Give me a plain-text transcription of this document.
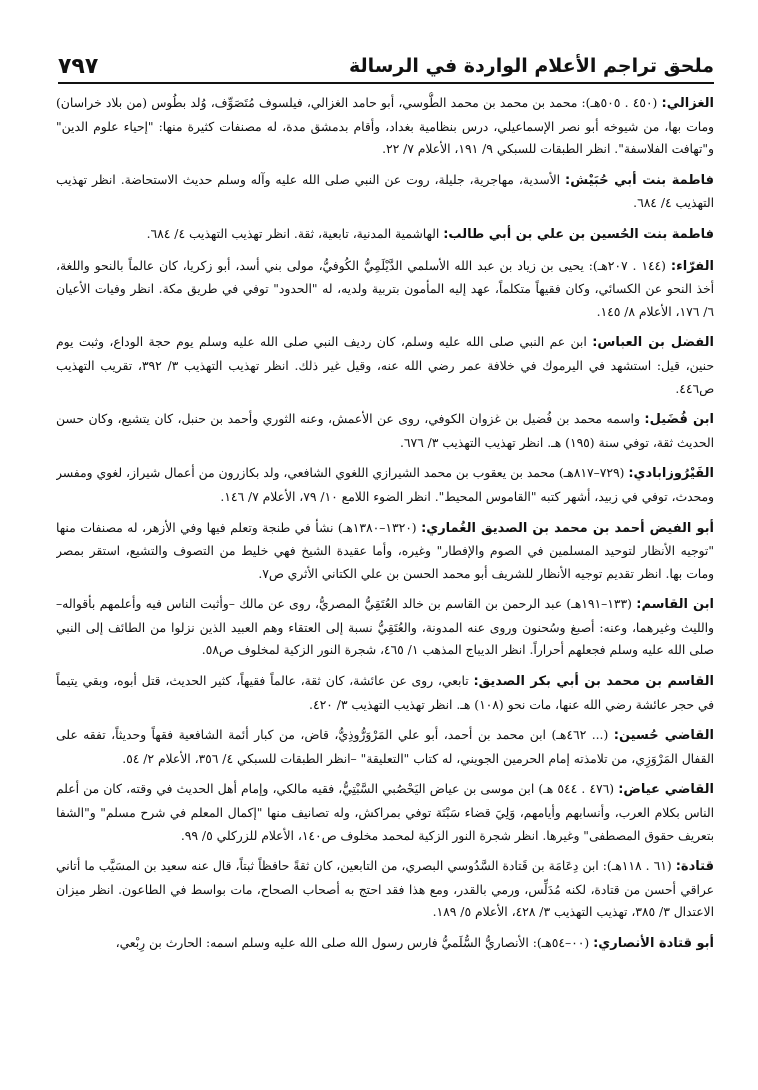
ملحق تراجم الأعلام الواردة في الرسالة
٧٩٧

الغزالي: (٤٥٠ . ٥٠٥هـ): محمد بن محمد بن محمد الطُّوسي، أبو حامد الغزالي، فيلسوف مُتَصَوِّف، وُلد بطُوس (من بلاد خراسان) ومات بها، من شيوخه أبو نصر الإسماعيلي، درس بنظامية بغداد، وأقام بدمشق مدة، له مصنفات كثيرة منها: "إحياء علوم الدين" و"تهافت الفلاسفة". انظر الطبقات للسبكي ٩/ ١٩١، الأعلام ٧/ ٢٢.

فاطمة بنت أبي حُبَيْش: الأسدية، مهاجرية، جليلة، روت عن النبي صلى الله عليه وآله وسلم حديث الاستحاضة. انظر تهذيب التهذيب ٤/ ٦٨٤.

فاطمة بنت الحُسين بن علي بن أبي طالب: الهاشمية المدنية، تابعية، ثقة. انظر تهذيب التهذيب ٤/ ٦٨٤.

الفرّاء: (١٤٤ . ٢٠٧هـ): يحيى بن زياد بن عبد الله الأسلمي الدَّيْلَمِيُّ الكُوفيُّ، مولى بني أسد، أبو زكريا، كان عالماً بالنحو واللغة، أخذ النحو عن الكسائي، وكان فقيهاً متكلماً، عهد إليه المأمون بتربية ولديه، له "الحدود" توفي في طريق مكة. انظر وفيات الأعيان ٦/ ١٧٦، الأعلام ٨/ ١٤٥.

الفضل بن العباس: ابن عم النبي صلى الله عليه وسلم، كان رديف النبي صلى الله عليه وسلم يوم حجة الوداع، وثبت يوم حنين، قيل: استشهد في اليرموك في خلافة عمر رضي الله عنه، وقيل غير ذلك. انظر تهذيب التهذيب ٣/ ٣٩٢، تقريب التهذيب ص٤٤٦.

ابن فُضَيل: واسمه محمد بن فُضيل بن غزوان الكوفي، روى عن الأعمش، وعنه الثوري وأحمد بن حنبل، كان يتشيع، وكان حسن الحديث ثقة، توفي سنة (١٩٥) هـ. انظر تهذيب التهذيب ٣/ ٦٧٦.

الفَيْرُوزابادي: (٧٢٩–٨١٧هـ) محمد بن يعقوب بن محمد الشيرازي اللغوي الشافعي، ولد بكازرون من أعمال شيراز، لغوي ومفسر ومحدث، توفي في زبيد، أشهر كتبه "القاموس المحيط". انظر الضوء اللامع ١٠/ ٧٩، الأعلام ٧/ ١٤٦.

أبو الفيض أحمد بن محمد بن الصديق الغُماري: (١٣٢٠–١٣٨٠هـ) نشأ في طنجة وتعلم فيها وفي الأزهر، له مصنفات منها "توجيه الأنظار لتوحيد المسلمين في الصوم والإفطار" وغيره، وأما عقيدة الشيخ فهي خليط من التصوف والتشيع، استقر بمصر ومات بها. انظر تقديم توجيه الأنظار للشريف أبو محمد الحسن بن علي الكتاني الأثري ص٧.

ابن القاسم: (١٣٣–١٩١هـ) عبد الرحمن بن القاسم بن خالد العُتَقِيُّ المصريُّ، روى عن مالك –وأثبت الناس فيه وأعلمهم بأقواله– والليث وغيرهما، وعنه: أصبغ وسُحنون وروى عنه المدونة، والعُتَقِيُّ نسبة إلى العتقاء وهم العبيد الذين نزلوا من الطائف إلى النبي صلى الله عليه وسلم فجعلهم أحراراً. انظر الديباج المذهب ١/ ٤٦٥، شجرة النور الزكية لمخلوف ص٥٨.

القاسم بن محمد بن أبي بكر الصديق: تابعي، روى عن عائشة، كان ثقة، عالماً فقيهاً، كثير الحديث، قتل أبوه، وبقي يتيماً في حجر عائشة رضي الله عنها، مات نحو (١٠٨) هـ. انظر تهذيب التهذيب ٣/ ٤٢٠.

القاضي حُسين: (... ٤٦٢هـ) ابن محمد بن أحمد، أبو علي المَرْوَرُّوذِيُّ، قاض، من كبار أئمة الشافعية فقهاً وحديثاً، تفقه على القفال المَرْوَزِي، من تلامذته إمام الحرمين الجويني، له كتاب "التعليقة" –انظر الطبقات للسبكي ٤/ ٣٥٦، الأعلام ٢/ ٥٤.

القاضي عياض: (٤٧٦ . ٥٤٤ هـ) ابن موسى بن عياض اليَحْصُبي السَّبْتِيُّ، فقيه مالكي، وإمام أهل الحديث في وقته، كان من أعلم الناس بكلام العرب، وأنسابهم وأيامهم، وَلِيَ قضاء سَبْتَة توفي بمراكش، وله تصانيف منها "إكمال المعلم في شرح مسلم" و"الشفا بتعريف حقوق المصطفى" وغيرها. انظر شجرة النور الزكية لمحمد مخلوف ص١٤٠، الأعلام للزركلي ٥/ ٩٩.

قتادة: (٦١ . ١١٨هـ): ابن دِعَامَة بن قَتادة السَّدُوسي البصري، من التابعين، كان ثقةً حافظاً ثبتاً، قال عنه سعيد بن المسَيَّب ما أتاني عراقي أحسن من قتادة، لكنه مُدَلِّس، ورمي بالقدر، ومع هذا فقد احتج به أصحاب الصحاح، مات بواسط في الطاعون. انظر ميزان الاعتدال ٣/ ٣٨٥، تهذيب التهذيب ٣/ ٤٢٨، الأعلام ٥/ ١٨٩.

أبو قتادة الأنصاري: (٠٠–٥٤هـ): الأنصاريُّ السُّلَميُّ فارس رسول الله صلى الله عليه وسلم اسمه: الحارث بن رِبْعي،
